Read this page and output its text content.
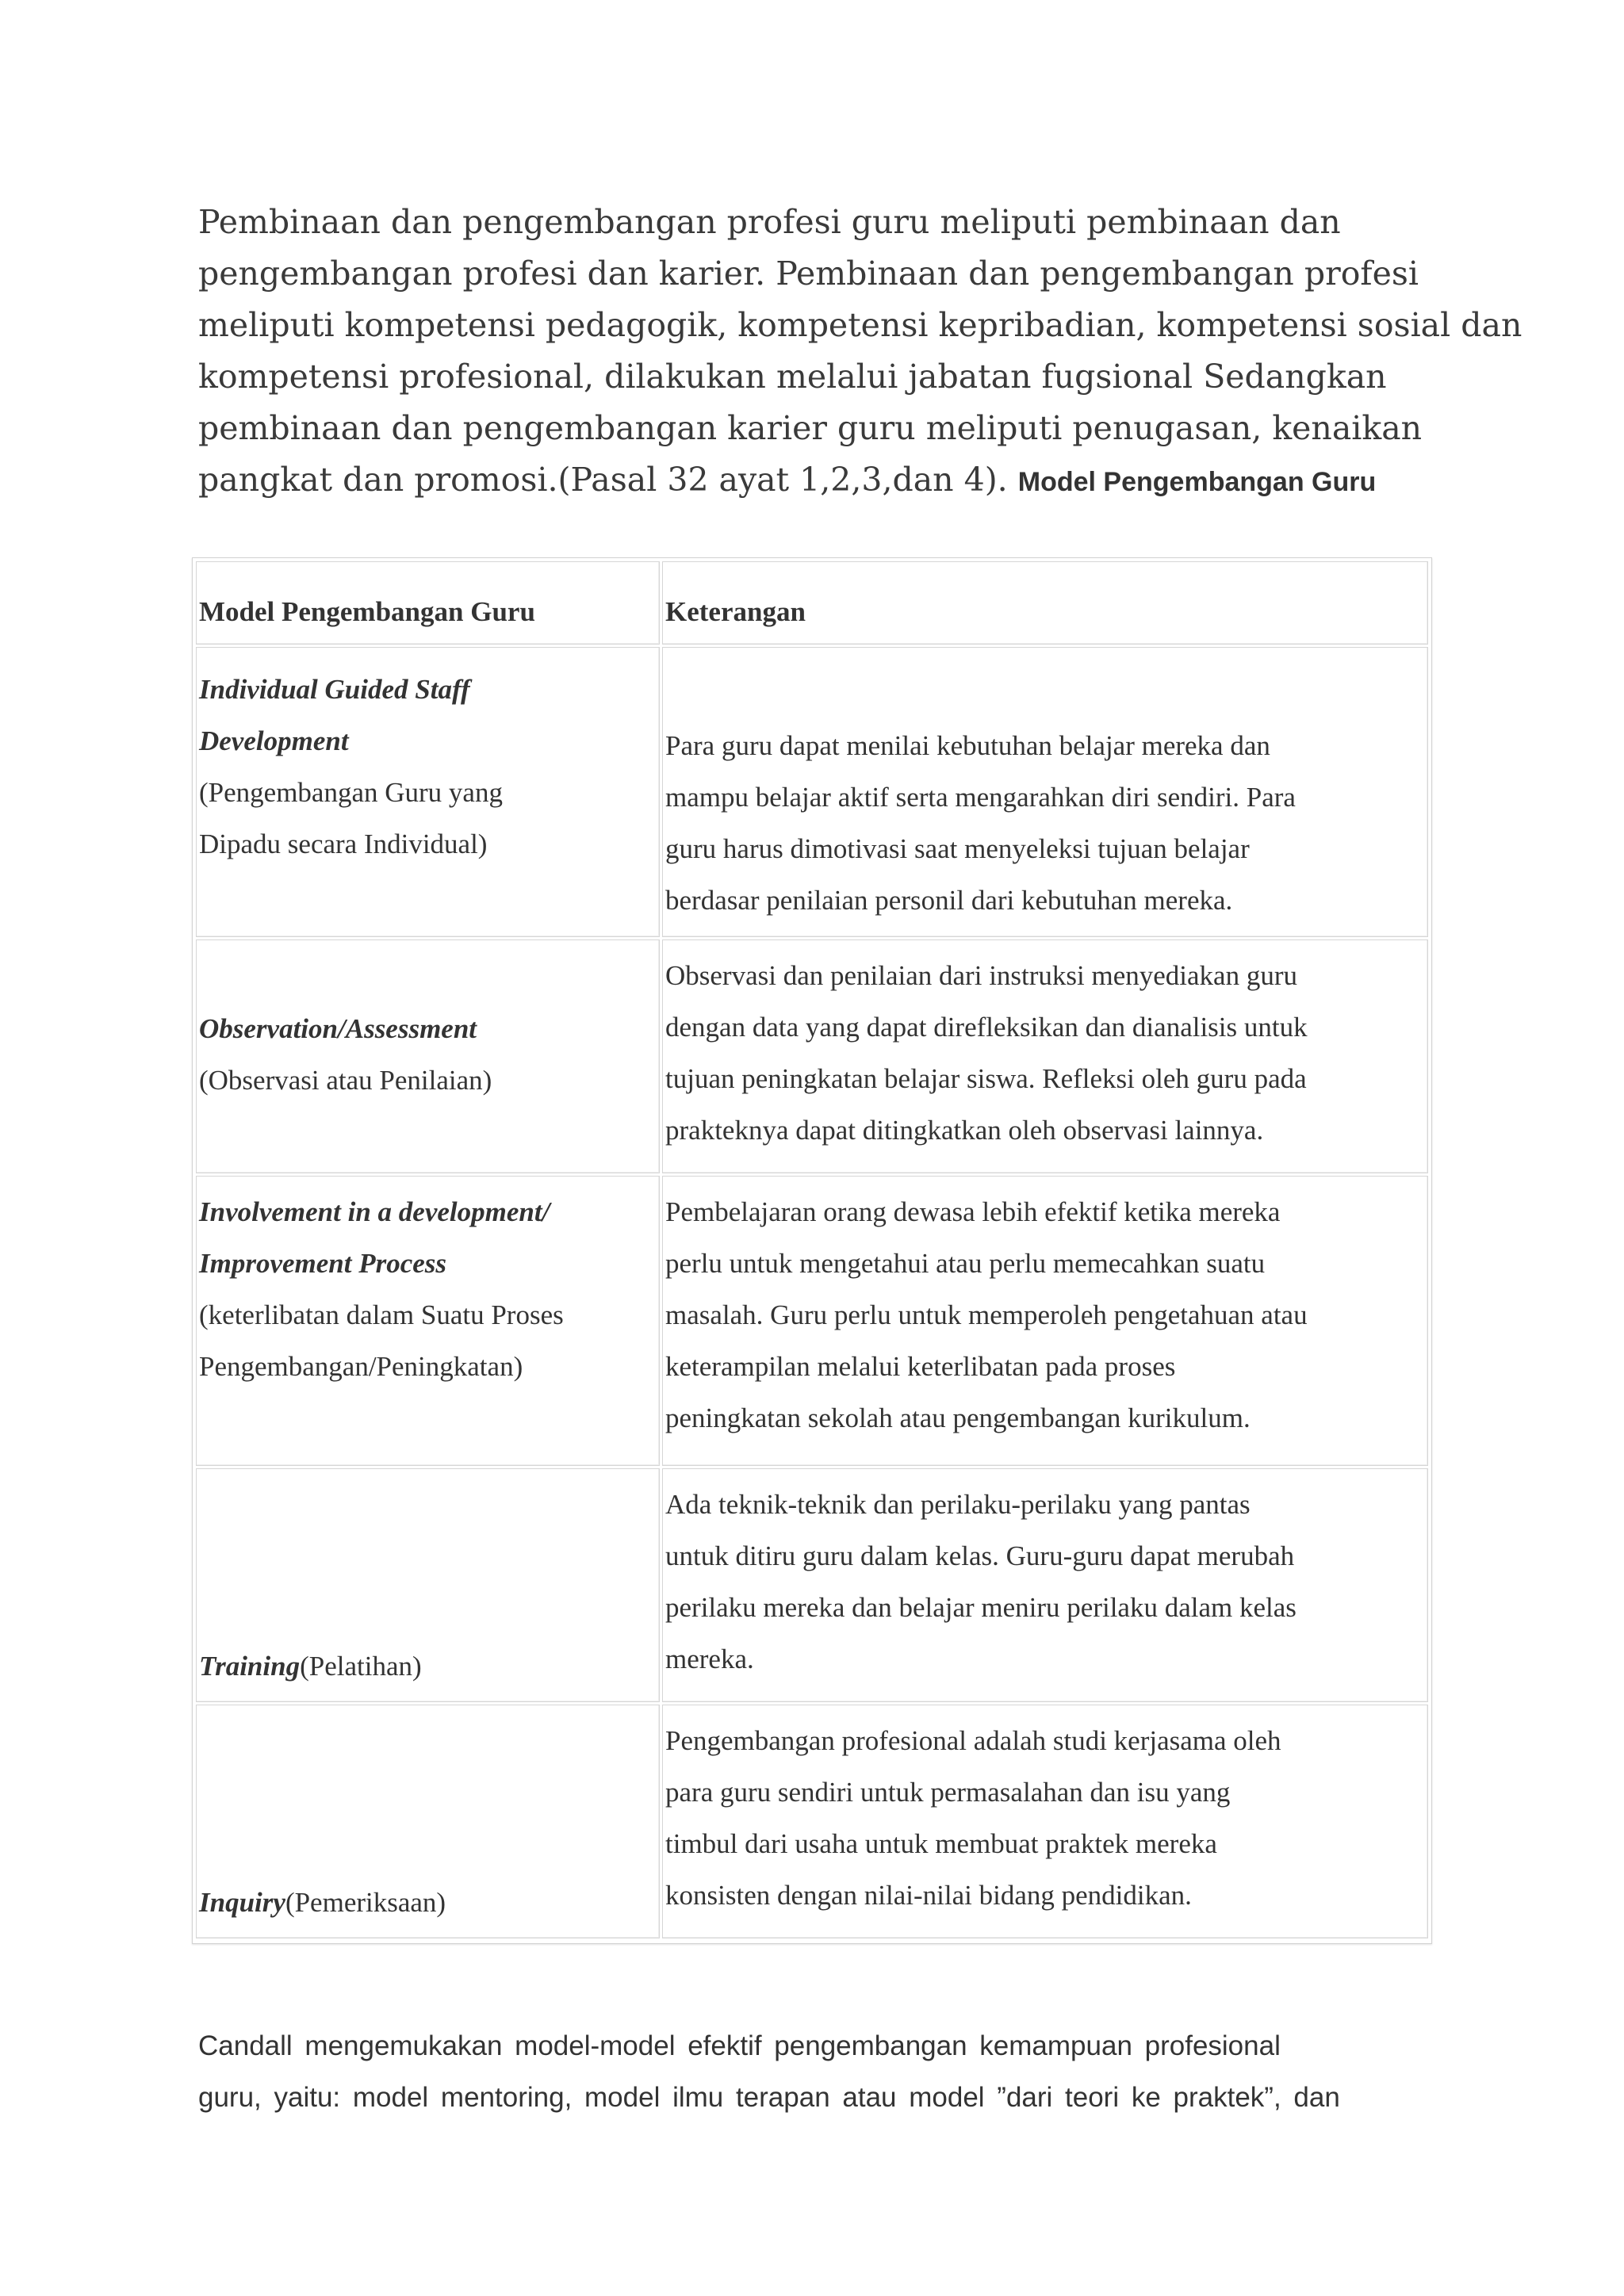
Pembinaan dan pengembangan profesi guru meliputi pembinaan dan
pengembangan profesi dan karier. Pembinaan dan pengembangan profesi
meliputi kompetensi pedagogik, kompetensi kepribadian, kompetensi sosial dan
kompetensi profesional, dilakukan melalui jabatan fugsional Sedangkan
pembinaan dan pengembangan karier guru meliputi penugasan, kenaikan
pangkat dan promosi.(Pasal 32 ayat 1,2,3,dan 4). Model Pengembangan Guru

Model Pengembangan Guru	Keterangan
Individual Guided Staff
Development
(Pengembangan Guru yang
Dipadu secara Individual)
Para guru dapat menilai kebutuhan belajar mereka dan
mampu belajar aktif serta mengarahkan diri sendiri. Para
guru harus dimotivasi saat menyeleksi tujuan belajar
berdasar penilaian personil dari kebutuhan mereka.
Observation/Assessment
(Observasi atau Penilaian)
Observasi dan penilaian dari instruksi menyediakan guru
dengan data yang dapat direfleksikan dan dianalisis untuk
tujuan peningkatan belajar siswa. Refleksi oleh guru pada
prakteknya dapat ditingkatkan oleh observasi lainnya.
Involvement in a development/
Improvement Process
(keterlibatan dalam Suatu Proses
Pengembangan/Peningkatan)
Pembelajaran orang dewasa lebih efektif ketika mereka
perlu untuk mengetahui atau perlu memecahkan suatu
masalah. Guru perlu untuk memperoleh pengetahuan atau
keterampilan melalui keterlibatan pada proses
peningkatan sekolah atau pengembangan kurikulum.
Training(Pelatihan)
Ada teknik-teknik dan perilaku-perilaku yang pantas
untuk ditiru guru dalam kelas. Guru-guru dapat merubah
perilaku mereka dan belajar meniru perilaku dalam kelas
mereka.
Inquiry(Pemeriksaan)
Pengembangan profesional adalah studi kerjasama oleh
para guru sendiri untuk permasalahan dan isu yang
timbul dari usaha untuk membuat praktek mereka
konsisten dengan nilai-nilai bidang pendidikan.
Candall mengemukakan model-model efektif pengembangan kemampuan profesional
guru, yaitu: model mentoring, model ilmu terapan atau model ”dari teori ke praktek”, dan
